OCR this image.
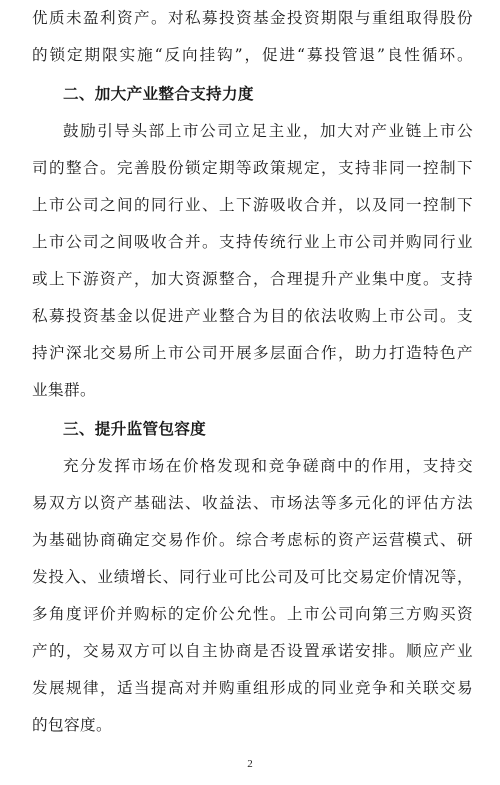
优质未盈利资产。对私募投资基金投资期限与重组取得股份
的锁定期限实施“反向挂钩”，促进“募投管退”良性循环。
二、加大产业整合支持力度
鼓励引导头部上市公司立足主业，加大对产业链上市公
司的整合。完善股份锁定期等政策规定，支持非同一控制下
上市公司之间的同行业、上下游吸收合并，以及同一控制下
上市公司之间吸收合并。支持传统行业上市公司并购同行业
或上下游资产，加大资源整合，合理提升产业集中度。支持
私募投资基金以促进产业整合为目的依法收购上市公司。支
持沪深北交易所上市公司开展多层面合作，助力打造特色产
业集群。
三、提升监管包容度
充分发挥市场在价格发现和竞争磋商中的作用，支持交
易双方以资产基础法、收益法、市场法等多元化的评估方法
为基础协商确定交易作价。综合考虑标的资产运营模式、研
发投入、业绩增长、同行业可比公司及可比交易定价情况等，
多角度评价并购标的定价公允性。上市公司向第三方购买资
产的，交易双方可以自主协商是否设置承诺安排。顺应产业
发展规律，适当提高对并购重组形成的同业竞争和关联交易
的包容度。
2
